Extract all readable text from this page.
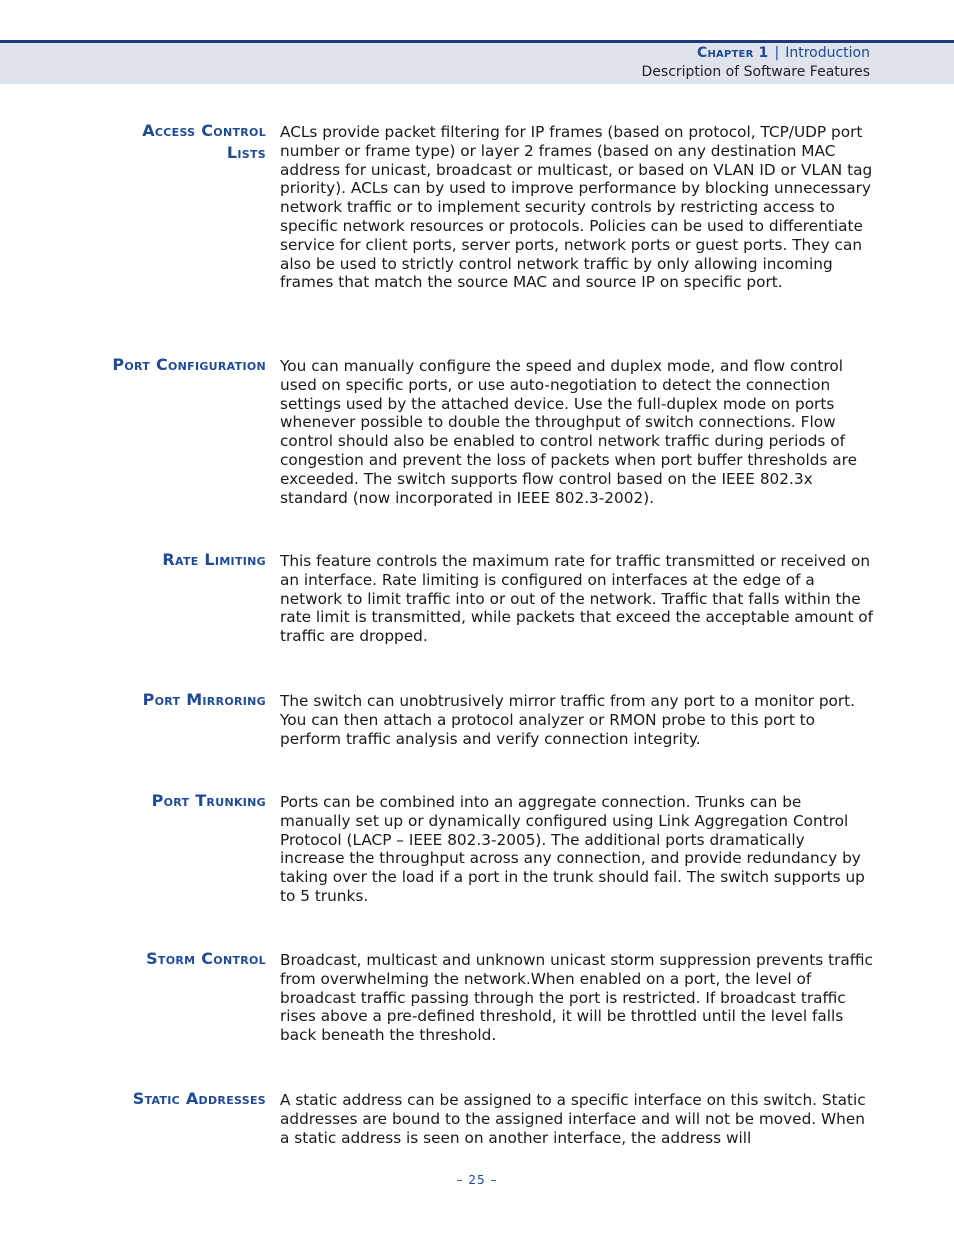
Chapter 1 | Introduction
Description of Software Features
Access Control
Lists
ACLs provide packet filtering for IP frames (based on protocol, TCP/UDP port number or frame type) or layer 2 frames (based on any destination MAC address for unicast, broadcast or multicast, or based on VLAN ID or VLAN tag priority). ACLs can by used to improve performance by blocking unnecessary network traffic or to implement security controls by restricting access to specific network resources or protocols. Policies can be used to differentiate service for client ports, server ports, network ports or guest ports. They can also be used to strictly control network traffic by only allowing incoming frames that match the source MAC and source IP on specific port.
Port Configuration You can manually configure the speed and duplex mode, and flow control used on specific ports, or use auto-negotiation to detect the connection settings used by the attached device. Use the full-duplex mode on ports whenever possible to double the throughput of switch connections. Flow control should also be enabled to control network traffic during periods of congestion and prevent the loss of packets when port buffer thresholds are exceeded. The switch supports flow control based on the IEEE 802.3x standard (now incorporated in IEEE 802.3-2002).
Rate Limiting This feature controls the maximum rate for traffic transmitted or received on an interface. Rate limiting is configured on interfaces at the edge of a network to limit traffic into or out of the network. Traffic that falls within the rate limit is transmitted, while packets that exceed the acceptable amount of traffic are dropped.
Port Mirroring The switch can unobtrusively mirror traffic from any port to a monitor port. You can then attach a protocol analyzer or RMON probe to this port to perform traffic analysis and verify connection integrity.
Port Trunking Ports can be combined into an aggregate connection. Trunks can be manually set up or dynamically configured using Link Aggregation Control Protocol (LACP – IEEE 802.3-2005). The additional ports dramatically increase the throughput across any connection, and provide redundancy by taking over the load if a port in the trunk should fail. The switch supports up to 5 trunks.
Storm Control Broadcast, multicast and unknown unicast storm suppression prevents traffic from overwhelming the network.When enabled on a port, the level of broadcast traffic passing through the port is restricted. If broadcast traffic rises above a pre-defined threshold, it will be throttled until the level falls back beneath the threshold.
Static Addresses A static address can be assigned to a specific interface on this switch. Static addresses are bound to the assigned interface and will not be moved. When a static address is seen on another interface, the address will
– 25 –
